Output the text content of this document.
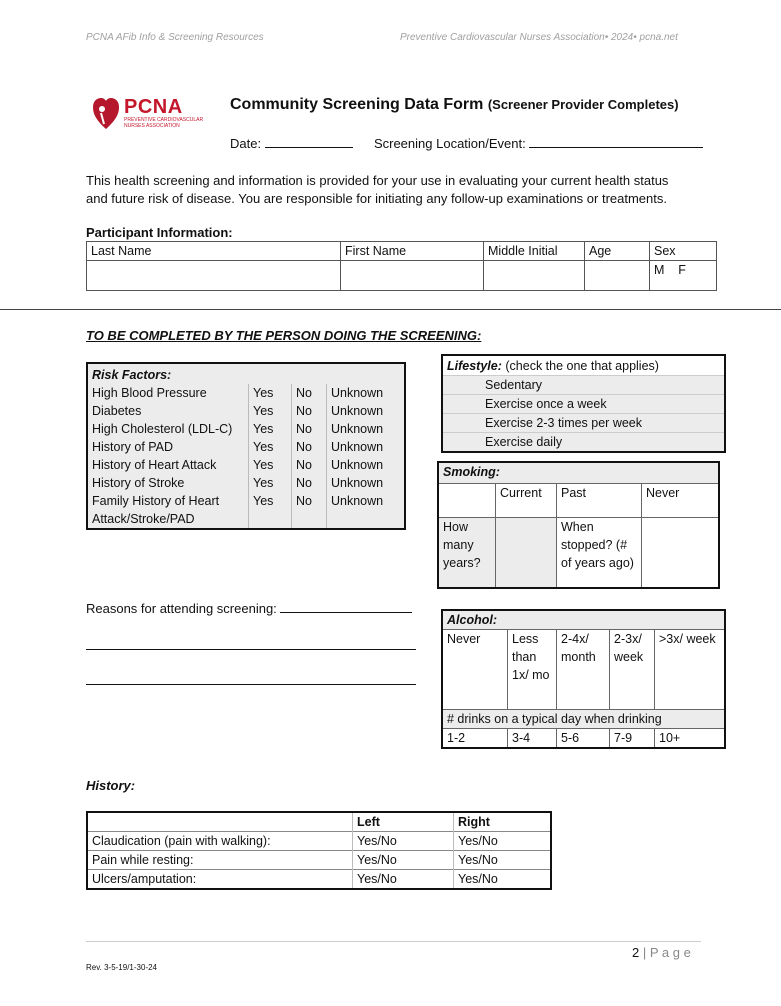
PCNA AFib Info & Screening Resources	Preventive Cardiovascular Nurses Association• 2024• pcna.net
PCNA
PREVENTIVE CARDIOVASCULAR NURSES ASSOCIATION
Community Screening Data Form (Screener Provider Completes)
Date:	Screening Location/Event:
This health screening and information is provided for your use in evaluating your current health status
and future risk of disease. You are responsible for initiating any follow-up examinations or treatments.
Participant Information:
Last Name	First Name	Middle Initial	Age	Sex
				M    F
TO BE COMPLETED BY THE PERSON DOING THE SCREENING:
Risk Factors:			
High Blood Pressure	Yes	No	Unknown
Diabetes	Yes	No	Unknown
High Cholesterol (LDL-C)	Yes	No	Unknown
History of PAD	Yes	No	Unknown
History of Heart Attack	Yes	No	Unknown
History of Stroke	Yes	No	Unknown
Family History of Heart Attack/Stroke/PAD	Yes	No	Unknown
Lifestyle: (check the one that applies)	
	Sedentary
	Exercise once a week
	Exercise 2-3 times per week
	Exercise daily
Smoking:			
	Current	Past	Never
How many years?		When stopped? (# of years ago)	
Reasons for attending screening:
Alcohol:				
Never	Less than 1x/ mo	2-4x/ month	2-3x/ week	>3x/ week
# drinks on a typical day when drinking				
1-2	3-4	5-6	7-9	10+
History:
	Left	Right
Claudication (pain with walking):	Yes/No	Yes/No
Pain while resting:	Yes/No	Yes/No
Ulcers/amputation:	Yes/No	Yes/No
2 | P a g e
Rev. 3-5-19/1-30-24
